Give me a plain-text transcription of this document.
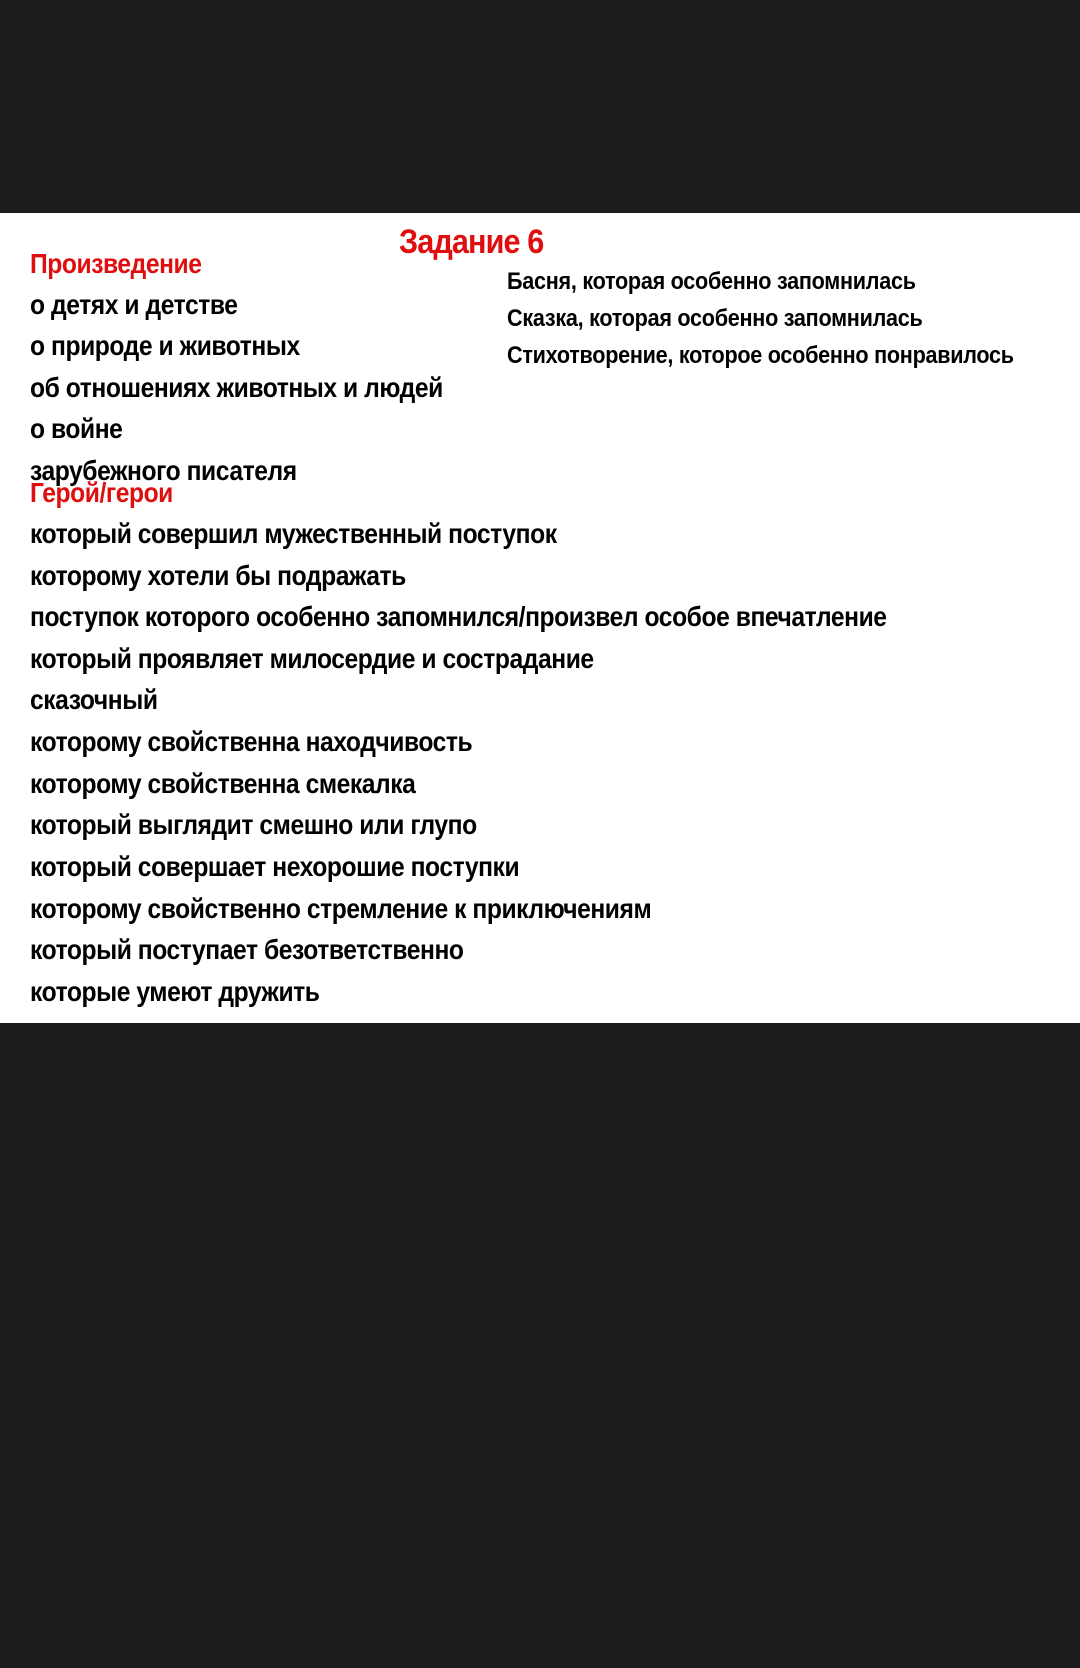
Задание 6
Произведение
о детях и детстве
о природе и животных
об отношениях животных и людей
о войне
зарубежного писателя
Басня, которая особенно запомнилась
Сказка, которая особенно запомнилась
Стихотворение, которое особенно понравилось
Герой/герои
который совершил мужественный поступок
которому хотели бы подражать
поступок которого особенно запомнился/произвел особое впечатление
который проявляет милосердие и сострадание
сказочный
которому свойственна находчивость
которому свойственна смекалка
который выглядит смешно или глупо
который совершает нехорошие поступки
которому свойственно стремление к приключениям
который поступает безответственно
которые умеют дружить
